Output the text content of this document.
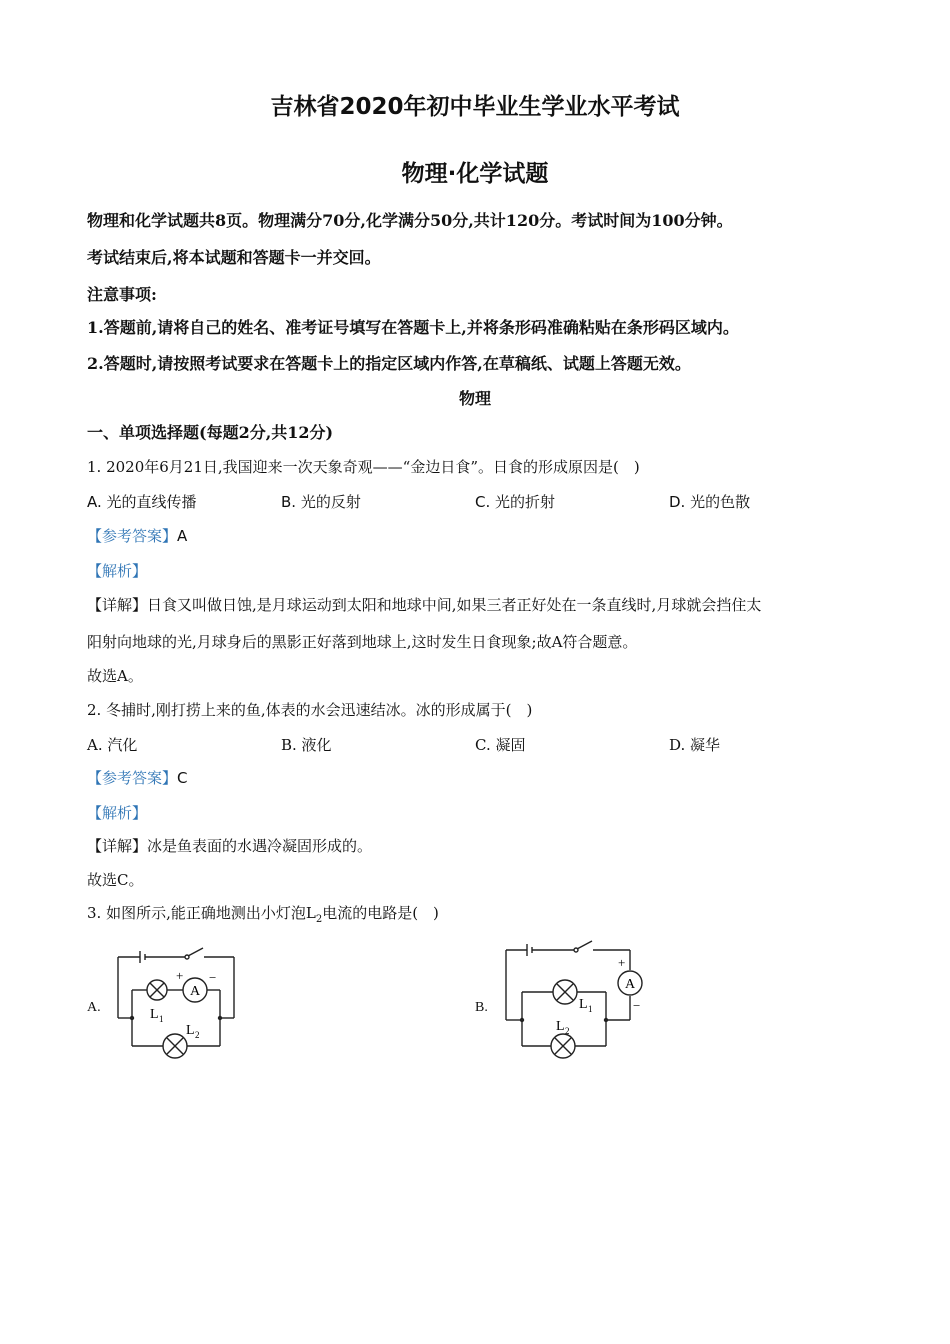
吉林省2020年初中毕业生学业水平考试
物理·化学试题
物理和化学试题共8页。物理满分70分,化学满分50分,共计120分。考试时间为100分钟。
考试结束后,将本试题和答题卡一并交回。
注意事项:
1.答题前,请将自己的姓名、准考证号填写在答题卡上,并将条形码准确粘贴在条形码区域内。
2.答题时,请按照考试要求在答题卡上的指定区域内作答,在草稿纸、试题上答题无效。
物理
一、单项选择题(每题2分,共12分)
1. 2020年6月21日,我国迎来一次天象奇观——“金边日食”。日食的形成原因是(　)
A. 光的直线传播	B. 光的反射	C. 光的折射	D. 光的色散
【参考答案】A
【解析】
【详解】日食又叫做日蚀,是月球运动到太阳和地球中间,如果三者正好处在一条直线时,月球就会挡住太
阳射向地球的光,月球身后的黑影正好落到地球上,这时发生日食现象;故A符合题意。
故选A。
2. 冬捕时,刚打捞上来的鱼,体表的水会迅速结冰。冰的形成属于(　)
A. 汽化	B. 液化	C. 凝固	D. 凝华
【参考答案】C
【解析】
【详解】冰是鱼表面的水遇冷凝固形成的。
故选C。
3. 如图所示,能正确地测出小灯泡$L_2$电流的电路是(　)
A.	B.
A
+ −
L 1
L 2
A
+
−
L 1
L 2
